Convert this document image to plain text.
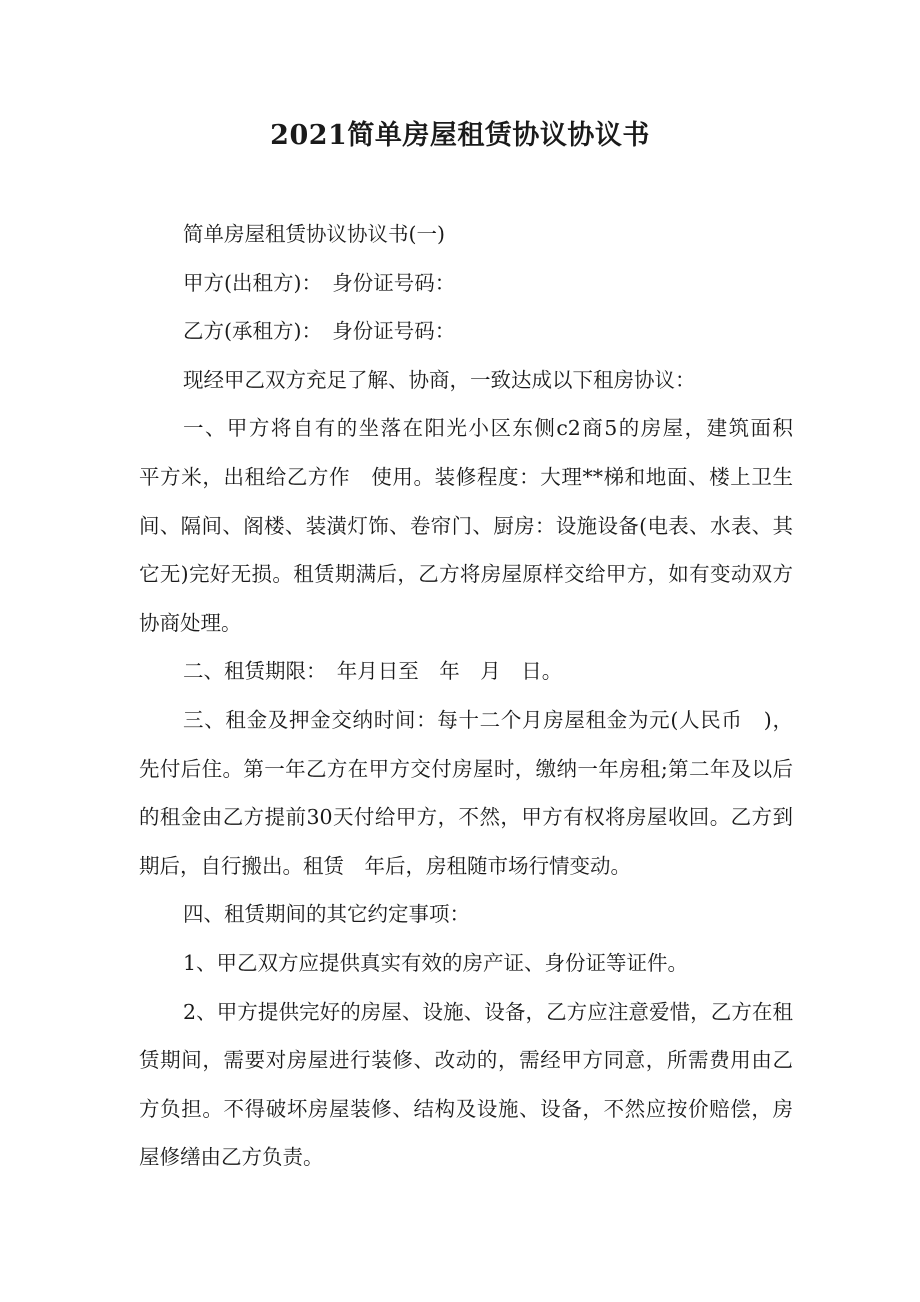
2021简单房屋租赁协议协议书

简单房屋租赁协议协议书(一)

甲方(出租方)：　身份证号码：

乙方(承租方)：　身份证号码：

现经甲乙双方充足了解、协商，一致达成以下租房协议：

一、甲方将自有的坐落在阳光小区东侧c2商5的房屋，建筑面积　平方米，出租给乙方作　使用。装修程度：大理**梯和地面、楼上卫生间、隔间、阁楼、装潢灯饰、卷帘门、厨房：设施设备(电表、水表、其它无)完好无损。租赁期满后，乙方将房屋原样交给甲方，如有变动双方协商处理。

二、租赁期限：　年月日至　年　月　日。

三、租金及押金交纳时间：每十二个月房屋租金为元(人民币　)，先付后住。第一年乙方在甲方交付房屋时，缴纳一年房租;第二年及以后的租金由乙方提前30天付给甲方，不然，甲方有权将房屋收回。乙方到期后，自行搬出。租赁　年后，房租随市场行情变动。

四、租赁期间的其它约定事项：

1、甲乙双方应提供真实有效的房产证、身份证等证件。

2、甲方提供完好的房屋、设施、设备，乙方应注意爱惜，乙方在租赁期间，需要对房屋进行装修、改动的，需经甲方同意，所需费用由乙方负担。不得破坏房屋装修、结构及设施、设备，不然应按价赔偿，房屋修缮由乙方负责。
